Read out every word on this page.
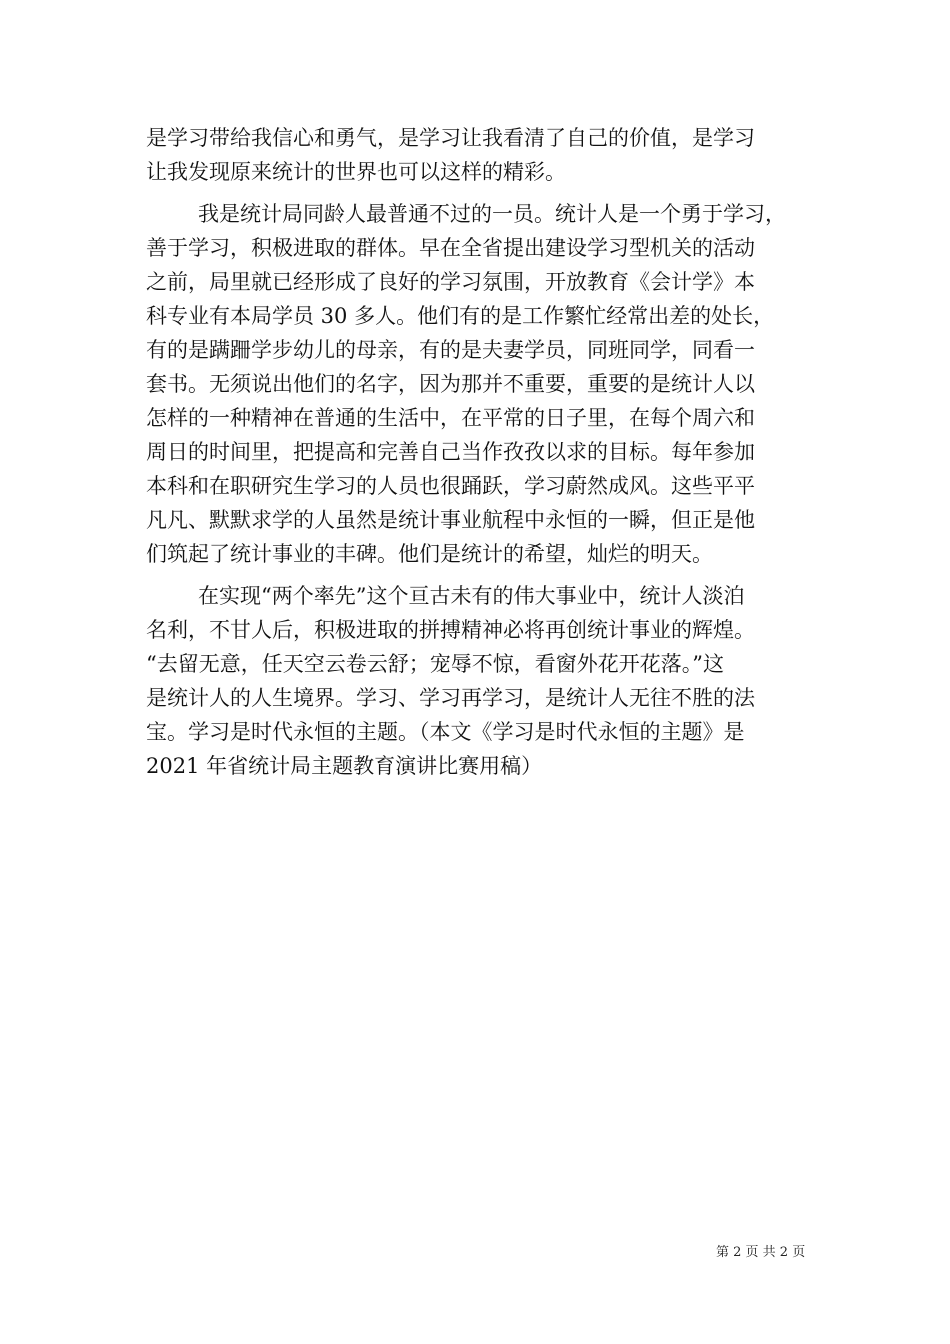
是学习带给我信心和勇气，是学习让我看清了自己的价值，是学习
让我发现原来统计的世界也可以这样的精彩。
我是统计局同龄人最普通不过的一员。统计人是一个勇于学习，
善于学习，积极进取的群体。早在全省提出建设学习型机关的活动
之前，局里就已经形成了良好的学习氛围，开放教育《会计学》本
科专业有本局学员 30 多人。他们有的是工作繁忙经常出差的处长，
有的是蹒跚学步幼儿的母亲，有的是夫妻学员，同班同学，同看一
套书。无须说出他们的名字，因为那并不重要，重要的是统计人以
怎样的一种精神在普通的生活中，在平常的日子里，在每个周六和
周日的时间里，把提高和完善自己当作孜孜以求的目标。每年参加
本科和在职研究生学习的人员也很踊跃，学习蔚然成风。这些平平
凡凡、默默求学的人虽然是统计事业航程中永恒的一瞬，但正是他
们筑起了统计事业的丰碑。他们是统计的希望，灿烂的明天。
在实现“两个率先”这个亘古未有的伟大事业中，统计人淡泊
名利，不甘人后，积极进取的拼搏精神必将再创统计事业的辉煌。
“去留无意，任天空云卷云舒；宠辱不惊，看窗外花开花落。”这
是统计人的人生境界。学习、学习再学习，是统计人无往不胜的法
宝。学习是时代永恒的主题。（本文《学习是时代永恒的主题》是
2021 年省统计局主题教育演讲比赛用稿）
第 2 页 共 2 页
